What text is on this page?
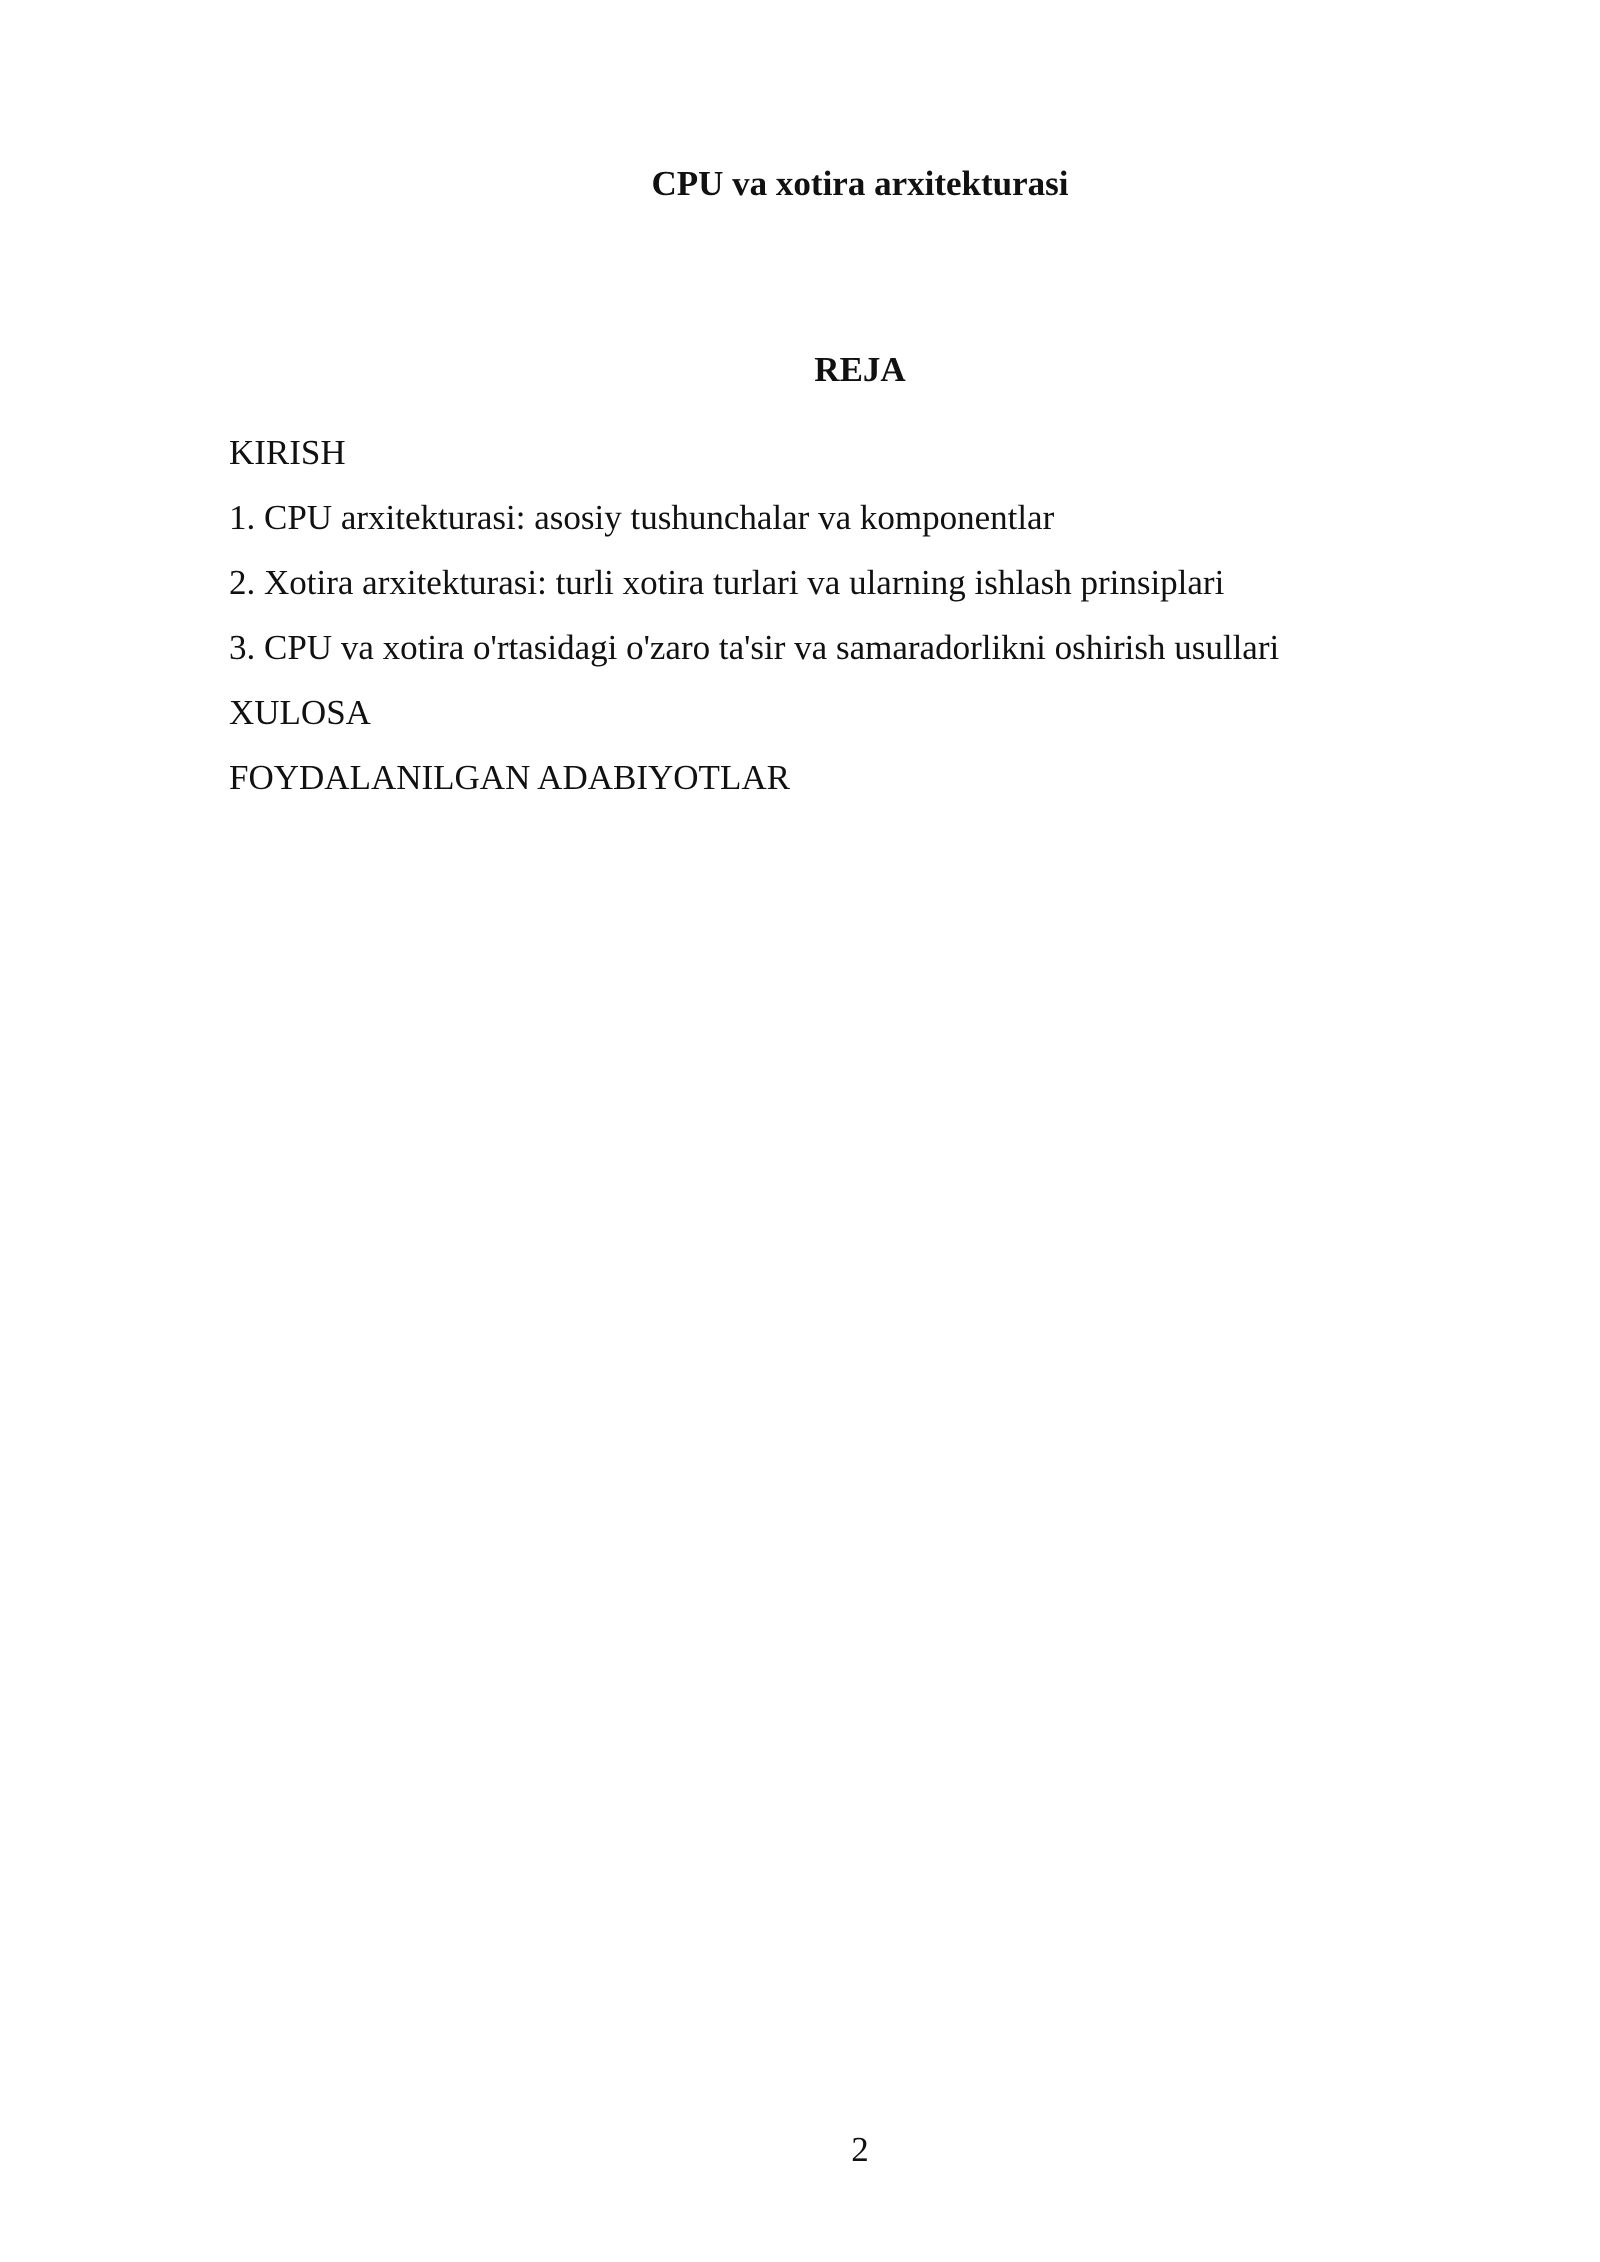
CPU va xotira arxitekturasi
REJA
KIRISH
1. CPU arxitekturasi: asosiy tushunchalar va komponentlar
2. Xotira arxitekturasi: turli xotira turlari va ularning ishlash prinsiplari
3. CPU va xotira o'rtasidagi o'zaro ta'sir va samaradorlikni oshirish usullari
XULOSA
FOYDALANILGAN ADABIYOTLAR
2
